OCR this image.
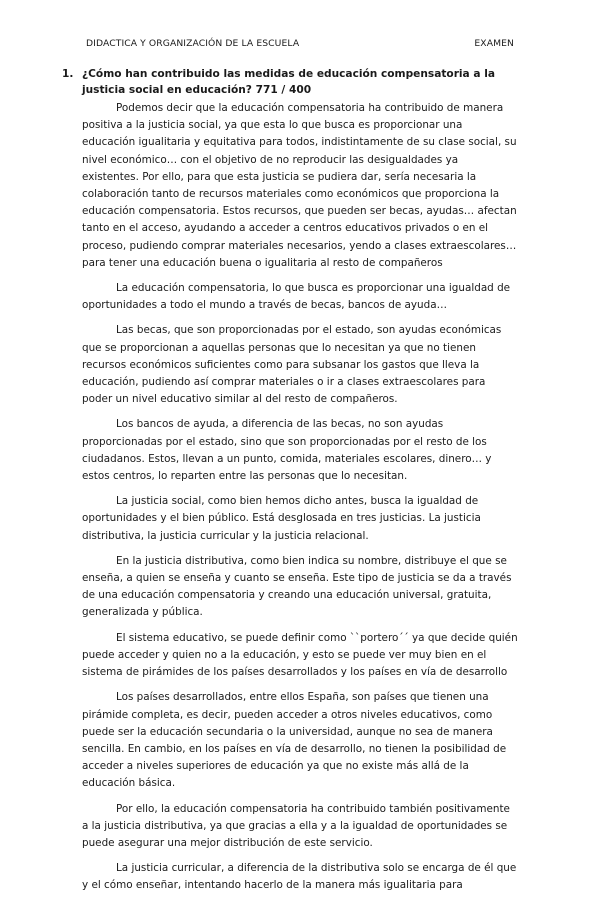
DIDACTICA Y ORGANIZACIÓN DE LA ESCUELA	EXAMEN
1. ¿Cómo han contribuido las medidas de educación compensatoria a la justicia social en educación? 771 / 400

Podemos decir que la educación compensatoria ha contribuido de manera positiva a la justicia social, ya que esta lo que busca es proporcionar una educación igualitaria y equitativa para todos, indistintamente de su clase social, su nivel económico… con el objetivo de no reproducir las desigualdades ya existentes. Por ello, para que esta justicia se pudiera dar, sería necesaria la colaboración tanto de recursos materiales como económicos que proporciona la educación compensatoria. Estos recursos, que pueden ser becas, ayudas… afectan tanto en el acceso, ayudando a acceder a centros educativos privados o en el proceso, pudiendo comprar materiales necesarios, yendo a clases extraescolares… para tener una educación buena o igualitaria al resto de compañeros

La educación compensatoria, lo que busca es proporcionar una igualdad de oportunidades a todo el mundo a través de becas, bancos de ayuda…

Las becas, que son proporcionadas por el estado, son ayudas económicas que se proporcionan a aquellas personas que lo necesitan ya que no tienen recursos económicos suficientes como para subsanar los gastos que lleva la educación, pudiendo así comprar materiales o ir a clases extraescolares para poder un nivel educativo similar al del resto de compañeros.

Los bancos de ayuda, a diferencia de las becas, no son ayudas proporcionadas por el estado, sino que son proporcionadas por el resto de los ciudadanos. Estos, llevan a un punto, comida, materiales escolares, dinero… y estos centros, lo reparten entre las personas que lo necesitan.

La justicia social, como bien hemos dicho antes, busca la igualdad de oportunidades y el bien público. Está desglosada en tres justicias. La justicia distributiva, la justicia curricular y la justicia relacional.

En la justicia distributiva, como bien indica su nombre, distribuye el que se enseña, a quien se enseña y cuanto se enseña. Este tipo de justicia se da a través de una educación compensatoria y creando una educación universal, gratuita, generalizada y pública.

El sistema educativo, se puede definir como ``portero´´ ya que decide quién puede acceder y quien no a la educación, y esto se puede ver muy bien en el sistema de pirámides de los países desarrollados y los países en vía de desarrollo

Los países desarrollados, entre ellos España, son países que tienen una pirámide completa, es decir, pueden acceder a otros niveles educativos, como puede ser la educación secundaria o la universidad, aunque no sea de manera sencilla. En cambio, en los países en vía de desarrollo, no tienen la posibilidad de acceder a niveles superiores de educación ya que no existe más allá de la educación básica.

Por ello, la educación compensatoria ha contribuido también positivamente a la justicia distributiva, ya que gracias a ella y a la igualdad de oportunidades se puede asegurar una mejor distribución de este servicio.

La justicia curricular, a diferencia de la distributiva solo se encarga de él que y el cómo enseñar, intentando hacerlo de la manera más igualitaria para
